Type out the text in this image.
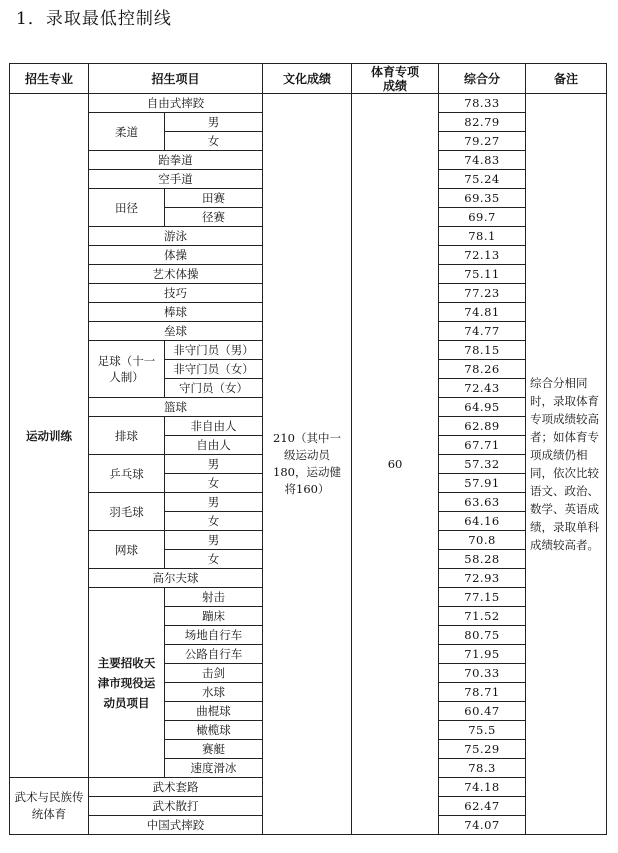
1．录取最低控制线
招生专业	招生项目		文化成绩	体育专项成绩	综合分	备注
运动训练	自由式摔跤		210（其中一级运动员180，运动健将160）	60	78.33	综合分相同时，录取体育专项成绩较高者；如体育专项成绩仍相同，依次比较语文、政治、数学、英语成绩，录取单科成绩较高者。
	柔道	男			82.79	
		女			79.27	
	跆拳道				74.83	
	空手道				75.24	
	田径	田赛			69.35	
		径赛			69.7	
	游泳				78.1	
	体操				72.13	
	艺术体操				75.11	
	技巧				77.23	
	棒球				74.81	
	垒球				74.77	
	足球（十一人制）	非守门员（男）			78.15	
		非守门员（女）			78.26	
		守门员（女）			72.43	
	篮球				64.95	
	排球	非自由人			62.89	
		自由人			67.71	
	乒乓球	男			57.32	
		女			57.91	
	羽毛球	男			63.63	
		女			64.16	
	网球	男			70.8	
		女			58.28	
	高尔夫球				72.93	
	主要招收天津市现役运动员项目	射击			77.15	
		蹦床			71.52	
		场地自行车			80.75	
		公路自行车			71.95	
		击剑			70.33	
		水球			78.71	
		曲棍球			60.47	
		橄榄球			75.5	
		赛艇			75.29	
		速度滑冰			78.3	
武术与民族传统体育	武术套路				74.18	
	武术散打				62.47	
	中国式摔跤				74.07	
